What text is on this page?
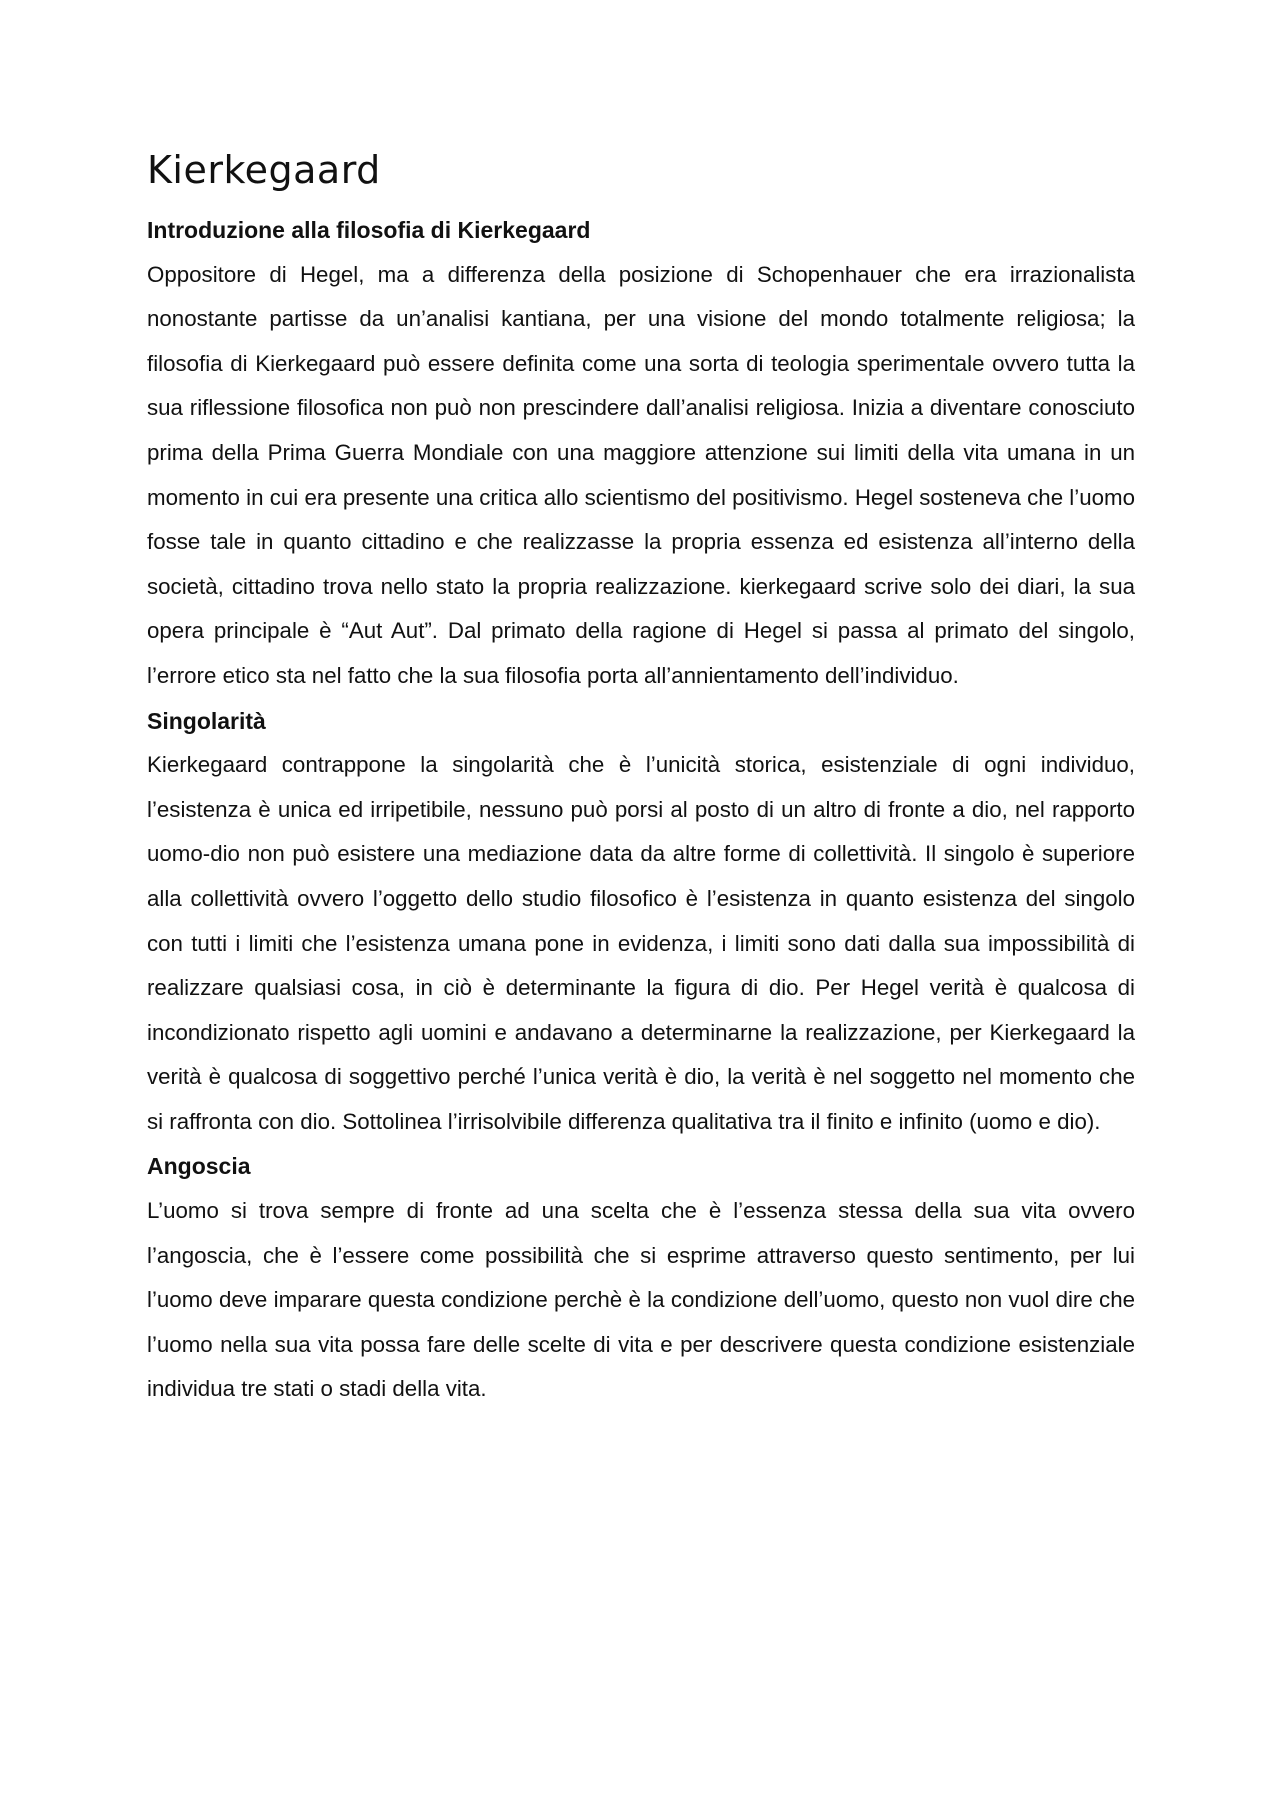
Kierkegaard
Introduzione alla filosofia di Kierkegaard

Oppositore di Hegel, ma a differenza della posizione di Schopenhauer che era irrazionalista nonostante partisse da un’analisi kantiana, per una visione del mondo totalmente religiosa; la filosofia di Kierkegaard può essere definita come una sorta di teologia sperimentale ovvero tutta la sua riflessione filosofica non può non prescindere dall’analisi religiosa. Inizia a diventare conosciuto prima della Prima Guerra Mondiale con una maggiore attenzione sui limiti della vita umana in un momento in cui era presente una critica allo scientismo del positivismo. Hegel sosteneva che l’uomo fosse tale in quanto cittadino e che realizzasse la propria essenza ed esistenza all’interno della società, cittadino trova nello stato la propria realizzazione. kierkegaard scrive solo dei diari, la sua opera principale è “Aut Aut”. Dal primato della ragione di Hegel si passa al primato del singolo, l’errore etico sta nel fatto che la sua filosofia porta all’annientamento dell’individuo.

Singolarità

Kierkegaard contrappone la singolarità che è l’unicità storica, esistenziale di ogni individuo, l’esistenza è unica ed irripetibile, nessuno può porsi al posto di un altro di fronte a dio, nel rapporto uomo-dio non può esistere una mediazione data da altre forme di collettività. Il singolo è superiore alla collettività ovvero l’oggetto dello studio filosofico è l’esistenza in quanto esistenza del singolo con tutti i limiti che l’esistenza umana pone in evidenza, i limiti sono dati dalla sua impossibilità di realizzare qualsiasi cosa, in ciò è determinante la figura di dio. Per Hegel verità è qualcosa di incondizionato rispetto agli uomini e andavano a determinarne la realizzazione, per Kierkegaard la verità è qualcosa di soggettivo perché l’unica verità è dio, la verità è nel soggetto nel momento che si raffronta con dio. Sottolinea l’irrisolvibile differenza qualitativa tra il finito e infinito (uomo e dio).

Angoscia

L’uomo si trova sempre di fronte ad una scelta che è l’essenza stessa della sua vita ovvero l’angoscia, che è l’essere come possibilità che si esprime attraverso questo sentimento, per lui l’uomo deve imparare questa condizione perchè è la condizione dell’uomo, questo non vuol dire che l’uomo nella sua vita possa fare delle scelte di vita e per descrivere questa condizione esistenziale individua tre stati o stadi della vita.
